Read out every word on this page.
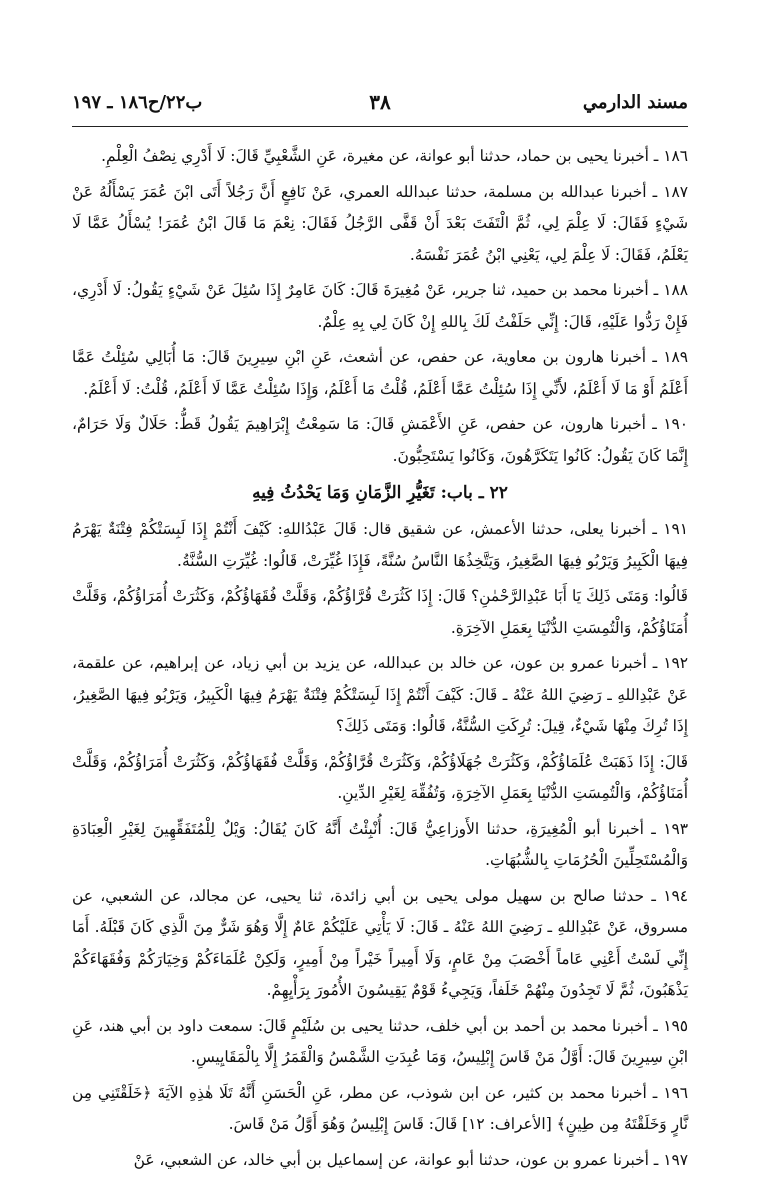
مسند الدارمي
٣٨
ب٢٢/ح١٨٦ ـ ١٩٧

١٨٦ ـ أخبرنا يحيى بن حماد، حدثنا أبو عوانة، عن مغيرة، عَنِ الشَّعْبِيِّ قَالَ: لَا أَدْرِي نِصْفُ الْعِلْمِ.

١٨٧ ـ أخبرنا عبدالله بن مسلمة، حدثنا عبدالله العمري، عَنْ نَافِعٍ أَنَّ رَجُلاً أَتَى ابْنَ عُمَرَ يَسْأَلُهُ عَنْ شَيْءٍ فَقَالَ: لَا عِلْمَ لِي، ثُمَّ الْتَفَتَ بَعْدَ أَنْ قَفَّى الرَّجُلُ فَقَالَ: نِعْمَ مَا قَالَ ابْنُ عُمَرَ! يُسْأَلُ عَمَّا لَا يَعْلَمُ، فَقَالَ: لَا عِلْمَ لِي، يَعْنِي ابْنُ عُمَرَ نَفْسَهُ.

١٨٨ ـ أخبرنا محمد بن حميد، ثنا جرير، عَنْ مُغِيرَةَ قَالَ: كَانَ عَامِرٌ إِذَا سُئِلَ عَنْ شَيْءٍ يَقُولُ: لَا أَدْرِي، فَإِنْ رَدُّوا عَلَيْهِ، قَالَ: إِنِّي حَلَفْتُ لَكَ بِاللهِ إِنْ كَانَ لِي بِهِ عِلْمٌ.

١٨٩ ـ أخبرنا هارون بن معاوية، عن حفص، عن أشعث، عَنِ ابْنِ سِيرِينَ قَالَ: مَا أُبَالِي سُئِلْتُ عَمَّا أَعْلَمُ أَوْ مَا لَا أَعْلَمُ، لأَنِّي إِذَا سُئِلْتُ عَمَّا أَعْلَمُ، قُلْتُ مَا أَعْلَمُ، وَإِذَا سُئِلْتُ عَمَّا لَا أَعْلَمُ، قُلْتُ: لَا أَعْلَمُ.

١٩٠ ـ أخبرنا هارون، عن حفص، عَنِ الأَعْمَشِ قَالَ: مَا سَمِعْتُ إِبْرَاهِيمَ يَقُولُ قَطُّ: حَلَالٌ وَلَا حَرَامٌ، إِنَّمَا كَانَ يَقُولُ: كَانُوا يَتَكَرَّهُونَ، وَكَانُوا يَسْتَحِبُّونَ.

٢٢ ـ باب: تَغَيُّرِ الزَّمَانِ وَمَا يَحْدُثُ فِيهِ

١٩١ ـ أخبرنا يعلى، حدثنا الأعمش، عن شقيق قال: قَالَ عَبْدُاللهِ: كَيْفَ أَنْتُمْ إِذَا لَبِسَتْكُمْ فِتْنَةٌ يَهْرَمُ فِيهَا الْكَبِيرُ وَيَرْبُو فِيهَا الصَّغِيرُ، وَيَتَّخِذُهَا النَّاسُ سُنَّةً، فَإِذَا غُيِّرَتْ، قَالُوا: غُيِّرَتِ السُّنَّةُ.

قَالُوا: وَمَتَى ذَلِكَ يَا أَبَا عَبْدِالرَّحْمٰنِ؟ قَالَ: إِذَا كَثُرَتْ قُرَّاؤُكُمْ، وَقَلَّتْ فُقَهَاؤُكُمْ، وَكَثُرَتْ أُمَرَاؤُكُمْ، وَقَلَّتْ أُمَنَاؤُكُمْ، وَالْتُمِسَتِ الدُّنْيَا بِعَمَلِ الآخِرَةِ.

١٩٢ ـ أخبرنا عمرو بن عون، عن خالد بن عبدالله، عن يزيد بن أبي زياد، عن إبراهيم، عن علقمة، عَنْ عَبْدِاللهِ ـ رَضِيَ اللهُ عَنْهُ ـ قَالَ: كَيْفَ أَنْتُمْ إِذَا لَبِسَتْكُمْ فِتْنَةٌ يَهْرَمُ فِيهَا الْكَبِيرُ، وَيَرْبُو فِيهَا الصَّغِيرُ، إِذَا تُرِكَ مِنْهَا شَيْءٌ، قِيلَ: تُرِكَتِ السُّنَّةُ، قَالُوا: وَمَتَى ذَلِكَ؟

قَالَ: إِذَا ذَهَبَتْ عُلَمَاؤُكُمْ، وَكَثُرَتْ جُهَلَاؤُكُمْ، وَكَثُرَتْ قُرَّاؤُكُمْ، وَقَلَّتْ فُقَهَاؤُكُمْ، وَكَثُرَتْ أُمَرَاؤُكُمْ، وَقَلَّتْ أُمَنَاؤُكُمْ، وَالْتُمِسَتِ الدُّنْيَا بِعَمَلِ الآخِرَةِ، وَتُفُقِّهَ لِغَيْرِ الدِّينِ.

١٩٣ ـ أخبرنا أبو الْمُغِيرَةِ، حدثنا الأَوزاعِيُّ قَالَ: أُنْبِئْتُ أَنَّهُ كَانَ يُقَالُ: وَيْلٌ لِلْمُتَفَقِّهِينَ لِغَيْرِ الْعِبَادَةِ وَالْمُسْتَحِلِّينَ الْحُرُمَاتِ بِالشُّبُهَاتِ.

١٩٤ ـ حدثنا صالح بن سهيل مولى يحيى بن أبي زائدة، ثنا يحيى، عن مجالد، عن الشعبي، عن مسروق، عَنْ عَبْدِاللهِ ـ رَضِيَ اللهُ عَنْهُ ـ قَالَ: لَا يَأْتِي عَلَيْكُمْ عَامٌ إِلَّا وَهُوَ شَرٌّ مِنَ الَّذِي كَانَ قَبْلَهُ. أَمَا إِنِّي لَسْتُ أَعْنِي عَاماً أَخْصَبَ مِنْ عَامٍ، وَلَا أَمِيراً خَيْراً مِنْ أَمِيرٍ، وَلَكِنْ عُلَمَاءَكُمْ وَخِيَارَكُمْ وَفُقَهَاءَكُمْ يَذْهَبُونَ، ثُمَّ لَا تَجِدُونَ مِنْهُمْ خَلَفاً، وَيَجِيءُ قَوْمٌ يَقِيسُونَ الأُمُورَ بِرَأْيِهِمْ.

١٩٥ ـ أخبرنا محمد بن أحمد بن أبي خلف، حدثنا يحيى بن سُلَيْمٍ قَالَ: سمعت داود بن أبي هند، عَنِ ابْنِ سِيرِينَ قَالَ: أَوَّلُ مَنْ قَاسَ إِبْلِيسُ، وَمَا عُبِدَتِ الشَّمْسُ وَالْقَمَرُ إِلَّا بِالْمَقَايِيسِ.

١٩٦ ـ أخبرنا محمد بن كثير، عن ابن شوذب، عن مطر، عَنِ الْحَسَنِ أَنَّهُ تَلَا هٰذِهِ الآيَةَ ﴿خَلَقْتَنِي مِن نَّارٍ وَخَلَقْتَهُ مِن طِينٍ﴾ [الأعراف: ١٢] قَالَ: قَاسَ إِبْلِيسُ وَهُوَ أَوَّلُ مَنْ قَاسَ.

١٩٧ ـ أخبرنا عمرو بن عون، حدثنا أبو عوانة، عن إسماعيل بن أبي خالد، عن الشعبي، عَنْ
